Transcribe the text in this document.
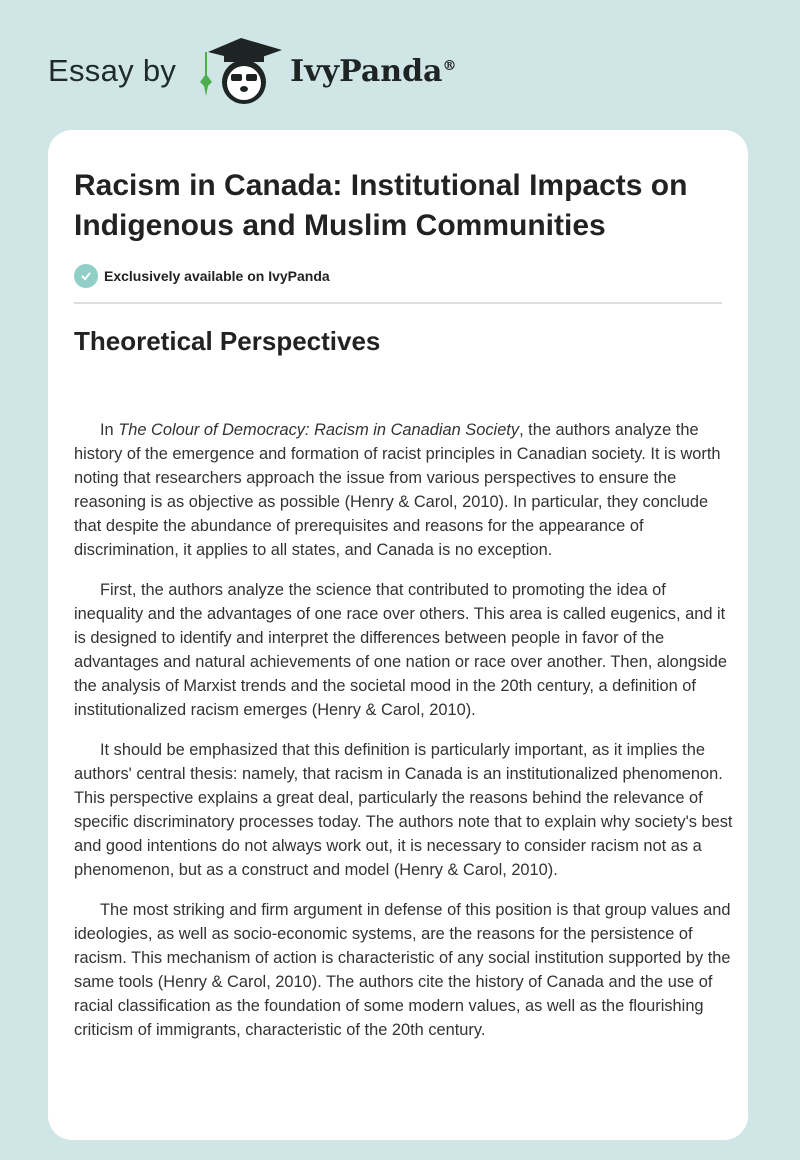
Essay by	IvyPanda®
Racism in Canada: Institutional Impacts on Indigenous and Muslim Communities
Exclusively available on IvyPanda
Theoretical Perspectives

In The Colour of Democracy: Racism in Canadian Society, the authors analyze the history of the emergence and formation of racist principles in Canadian society. It is worth noting that researchers approach the issue from various perspectives to ensure the reasoning is as objective as possible (Henry & Carol, 2010). In particular, they conclude that despite the abundance of prerequisites and reasons for the appearance of discrimination, it applies to all states, and Canada is no exception.

First, the authors analyze the science that contributed to promoting the idea of inequality and the advantages of one race over others. This area is called eugenics, and it is designed to identify and interpret the differences between people in favor of the advantages and natural achievements of one nation or race over another. Then, alongside the analysis of Marxist trends and the societal mood in the 20th century, a definition of institutionalized racism emerges (Henry & Carol, 2010).

It should be emphasized that this definition is particularly important, as it implies the authors' central thesis: namely, that racism in Canada is an institutionalized phenomenon. This perspective explains a great deal, particularly the reasons behind the relevance of specific discriminatory processes today. The authors note that to explain why society's best and good intentions do not always work out, it is necessary to consider racism not as a phenomenon, but as a construct and model (Henry & Carol, 2010).

The most striking and firm argument in defense of this position is that group values and ideologies, as well as socio-economic systems, are the reasons for the persistence of racism. This mechanism of action is characteristic of any social institution supported by the same tools (Henry & Carol, 2010). The authors cite the history of Canada and the use of racial classification as the foundation of some modern values, as well as the flourishing criticism of immigrants, characteristic of the 20th century.
